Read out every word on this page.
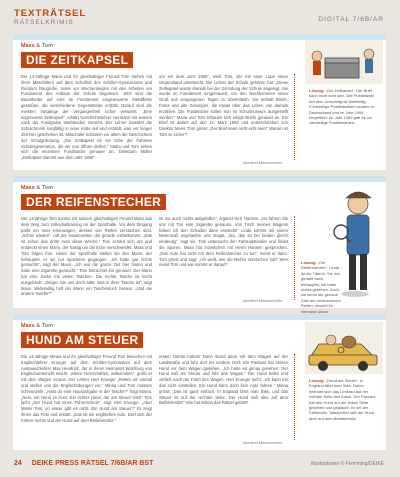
TEXTRÄTSEL
RÄTSELKRIMIS	DIGITAL 7/6B/AR
Maxx & Tom
DIE ZEITKAPSEL
Die 14-Jährige Maria und ihr gleichaltriger Freund Tom stehen mit ihren Mitschülern auf dem Schulhof des Schiller-Gymnasiums und Rundum Baugrube. Indes vor Wochenbeginn mit den Arbeiten am Fundament des Anbaus der Schule begonnen. Jetzt sind die Bauarbeiter auf eine im Fundament eingemauerte Metallkiste gestoßen, die verschiedene Gegenstände enthält. Darauf sind die meisten Vorgänge der Vergangenheit sicher verwahrt. „Eine sogenannte Zeitkapsel“, erklärt Geschichtslehrer Hermann mit seinem nach der Fundgrube strahlenden Gesicht. Der Lehrer bewahrt die Schulchronik sorgfältig in einer Kiste auf und erzählt, was vor langer Zeit hier geschehen ist. Mitschüler schildern vor allem die Geschichten der Schulgründung. „Die Zeitkapsel ist ein Erbe der früheren Schülergeneration, die wir nun öffnen dürfen.“ Maria und Tom sehen sich die einzelnen Fundstücke genauer an. Direktorin Möller „Zeitkapsel stammt aus dem Jahr 1960“.
um ein dem Jahr 1960“, weiß Tom, der mit einer Lupe einen Gegenstand untersucht. Die Lehrer der Schule gehören hat. „Diese Zeitkapsel wurde damals bei der Gründung der Schule angelegt. Sie wurde im Fundament eingemauert, um den Nachkommen einen Gruß aus vergangenen Tagen zu übermitteln. Sie enthält Briefe, Fotos und alte Zeitungen, die etwas über das Leben von damals erzählen. Die Fundstücke sollen nun im Schulmuseum ausgestellt werden.“ Maria und Tom schauen sich einige Briefe genauer an. Ein Brief ist datiert auf den 12. März 1960 und unterschrieben von Direktor Meier. Tom grinst: „Der Brief kann nicht echt sein!“ Warum ist Tom so sicher?
Manfred Mainzerhöfer
Lösung: „Die Zeitkapsel“: Der Brief kann nicht echt sein. Die Postleitzahl auf dem Umschlag ist fünfstellig. Fünfstellige Postleitzahlen wurden in Deutschland erst im Jahr 1993 eingeführt. Im Jahr 1960 gab es nur vierstellige Postleitzahlen.
Maxx & Tom
DER REIFENSTECHER
Der 14-jährige Tom kommt mit seinem gleichaltrigen Freund Maxx aus dem Weg zum Volleyballtraining an der Sporthalle. Vor dem Eingang parkt ein roter Kleinwagen, dessen vier Reifen zerstochen sind. „Schon wieder!“, ruft der Hausmeister, der gerade vorbeikommt. „Das ist schon das dritte Auto diese Woche.“ Tom schaut sich um und entdeckt einen Mann, der hastig um die Ecke verschwindet. Maxx und Tom folgen ihm. Hinter der Sporthalle stellen sie den Mann, der behauptet, er sei nur spazieren gegangen. „Ich habe gar nichts gemacht!“, sagt der Mann. „Ich war die ganze Zeit hier hinten und habe eine Zigarette geraucht.“ Tom betrachtet ihn genauer. Der Mann hat eine Jacke mit vielen Taschen. Die rechte Tasche ist leicht ausgebeult. „Zeigen Sie uns doch bitte, was in Ihrer Tasche ist“, sagt Maxx. Widerwillig holt der Mann ein Taschentuch heraus. „Und die andere Tasche?“
Ist nur auch nichts aufgefallen“, ergänzt Herr Hansen. „Da fahren Sie uns mit Tim eine Zigarette genauso. Von Tisch meines Wagens haben ich den Schaden dann entdeckt!“ Linda kommt mit einem Metermaß angelaufen und stoppt. „Na, das ist bei beiden gleich eindeutig“, sagt sie. Tom untersucht den Fahrradständer und findet die Spuren. Maxx hat inzwischen mit Herrn Hansen gesprochen. „Das Auto hat nicht mit dem Reifenstecher zu tun“, meint er dann. Tom grinst und sagt: „Ich weiß, wer die Reifen zerstochen hat!“ Wen meint Tom und wie kommt er darauf?
Manfred Mainzerhöfer
Lösung: „Der Reifenstecher“: Linda ist die Täterin. Sie hat gerade noch behauptet, sie habe nichts gesehen. Doch sie kennt die genaue Zahl der zerstochenen Reifen, obwohl ihr niemand davon
Maxx & Tom
HUND AM STEUER
Die 14-Jährige Minna und ihr gleichaltriger Freund Tom besuchen mit Englischlehrer Krueger auf dem Schiller-Gymnasium auf dem Austauschlehrer Max Hendrick, der in ihrem Heimatort Würzburg von Englischunterricht macht. „Meine Herrschaften, willkommen“, grüßt er mit dem Wagen voraus. Der Lehrer Herr Krueger „Reiten wir einmal und stellen uns die Englischübungen vor.“ Minna und Tom müssen schmunzeln. „Hast du eine Hausaufgabe in der Tasche?“ fragt Minna. „Nein, ein Hund im Auto. Ein echter Hund, der am Steuer sitzt!“ Tom lacht „Der Hund hat einen Führerschein“, sagt Herr Krueger. „Aber Mister Tom, so etwas gibt es nicht. Ein Hund am Steuer?“ Er zeigt ihnen das Foto und erklärt: „Das ist ein englisches Auto. Dort sitzt der Fahrer rechts und der Hund auf dem Beifahrersitz.“
ersten Damm-Cabrio! Dann stand dann mit dem Wagen auf der Landstraße und fuhr dort ins vordere Dorf. Ein Passant hat seinen Hund vor dem Wagen gesehen. „Ich habe es genau gesehen: Der Hund saß am Steuer und fuhr den Wagen.“ Der Hund bellte und verließ nach der Fahrt den Wagen. Herr Krueger lacht: „Ich kann mir das nicht vorstellen. Ein Hund kann doch kein Auto fahren.“ Minna grinst: „Das ist ganz einfach. In England fährt man links, und das Steuer ist auf der rechten Seite. Der Hund saß also auf dem Beifahrersitz!“ Wie hat Minna das Rätsel gelöst?
Manfred Mainzerhöfer
Lösung: „Hund am Steuer“: In England fährt man links. Daher befindet sich das Lenkrad auf der rechten Seite des Autos. Der Passant hat den Hund auf der linken Seite gesehen und geglaubt, es sei der Fahrersitz. Tatsächlich saß der Hund aber auf dem Beifahrersitz.
24 DEIKE PRESS RÄTSEL 7/6B/AR BST	Illustrationen © Flemming/DEIKE
